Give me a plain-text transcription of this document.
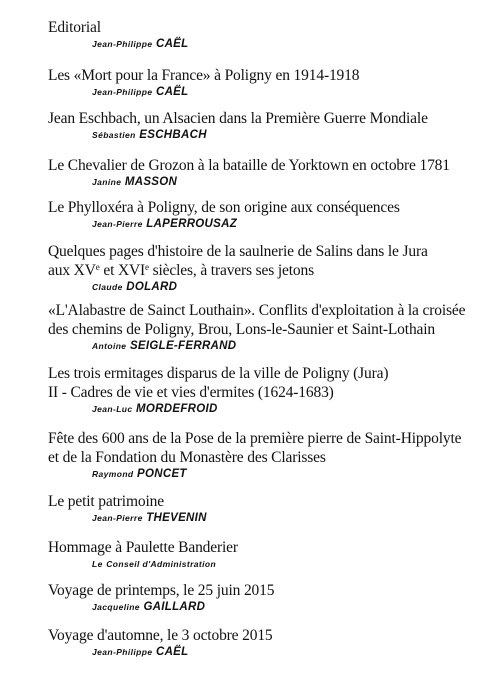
Editorial
Jean-Philippe CAËL
Les «Mort pour la France» à Poligny en 1914-1918
Jean-Philippe CAËL
Jean Eschbach, un Alsacien dans la Première Guerre Mondiale
Sébastien ESCHBACH
Le Chevalier de Grozon à la bataille de Yorktown en octobre 1781
Janine MASSON
Le Phylloxéra à Poligny, de son origine aux conséquences
Jean-Pierre LAPERROUSAZ
Quelques pages d'histoire de la saulnerie de Salins dans le Jura
aux XVe et XVIe siècles, à travers ses jetons
Claude DOLARD
«L'Alabastre de Sainct Louthain». Conflits d'exploitation à la croisée
des chemins de Poligny, Brou, Lons-le-Saunier et Saint-Lothain
Antoine SEIGLE-FERRAND
Les trois ermitages disparus de la ville de Poligny (Jura)
II - Cadres de vie et vies d'ermites (1624-1683)
Jean-Luc MORDEFROID
Fête des 600 ans de la Pose de la première pierre de Saint-Hippolyte
et de la Fondation du Monastère des Clarisses
Raymond PONCET
Le petit patrimoine
Jean-Pierre THEVENIN
Hommage à Paulette Banderier
Le Conseil d'Administration
Voyage de printemps, le 25 juin 2015
Jacqueline GAILLARD
Voyage d'automne, le 3 octobre 2015
Jean-Philippe CAËL
